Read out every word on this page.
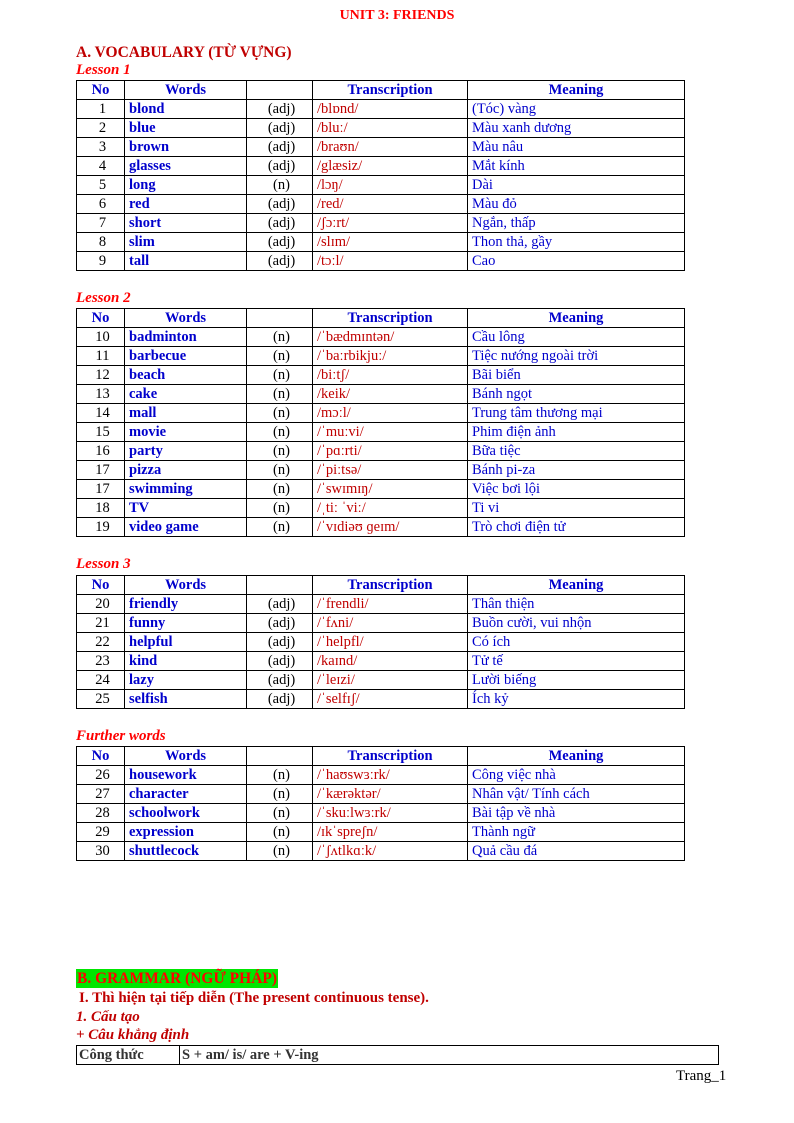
UNIT 3: FRIENDS
A. VOCABULARY (TỪ VỰNG)
Lesson 1
No	Words		Transcription	Meaning
1	blond	(adj)	/blɒnd/	(Tóc) vàng
2	blue	(adj)	/bluː/	Màu xanh dương
3	brown	(adj)	/braʊn/	Màu nâu
4	glasses	(adj)	/glæsiz/	Mắt kính
5	long	(n)	/lɔŋ/	Dài
6	red	(adj)	/red/	Màu đỏ
7	short	(adj)	/ʃɔːrt/	Ngắn, thấp
8	slim	(adj)	/slɪm/	Thon thả, gầy
9	tall	(adj)	/tɔːl/	Cao
Lesson 2
No	Words		Transcription	Meaning
10	badminton	(n)	/ˈbædmɪntən/	Cầu lông
11	barbecue	(n)	/ˈbaːrbikjuː/	Tiệc nướng ngoài trời
12	beach	(n)	/biːtʃ/	Bãi biển
13	cake	(n)	/keik/	Bánh ngọt
14	mall	(n)	/mɔːl/	Trung tâm thương mại
15	movie	(n)	/ˈmuːvi/	Phim điện ảnh
16	party	(n)	/ˈpɑːrti/	Bữa tiệc
17	pizza	(n)	/ˈpiːtsə/	Bánh pi-za
17	swimming	(n)	/ˈswɪmɪŋ/	Việc bơi lội
18	TV	(n)	/ˌtiː ˈviː/	Ti vi
19	video game	(n)	/ˈvɪdiəʊ ɡeɪm/	Trò chơi điện tử
Lesson 3
No	Words		Transcription	Meaning
20	friendly	(adj)	/ˈfrendli/	Thân thiện
21	funny	(adj)	/ˈfʌni/	Buồn cười, vui nhộn
22	helpful	(adj)	/ˈhelpfl/	Có ích
23	kind	(adj)	/kaɪnd/	Tử tế
24	lazy	(adj)	/ˈleɪzi/	Lười biếng
25	selfish	(adj)	/ˈselfɪʃ/	Ích kỷ
Further words
No	Words		Transcription	Meaning
26	housework	(n)	/ˈhaʊswɜːrk/	Công việc nhà
27	character	(n)	/ˈkærəktər/	Nhân vật/ Tính cách
28	schoolwork	(n)	/ˈskuːlwɜːrk/	Bài tập về nhà
29	expression	(n)	/ɪkˈspreʃn/	Thành ngữ
30	shuttlecock	(n)	/ˈʃʌtlkɑːk/	Quả cầu đá
B. GRAMMAR (NGỮ PHÁP)
I. Thì hiện tại tiếp diễn (The present continuous tense).
1. Cấu tạo
+ Câu khẳng định
Công thức	S + am/ is/ are + V-ing
Trang_1
